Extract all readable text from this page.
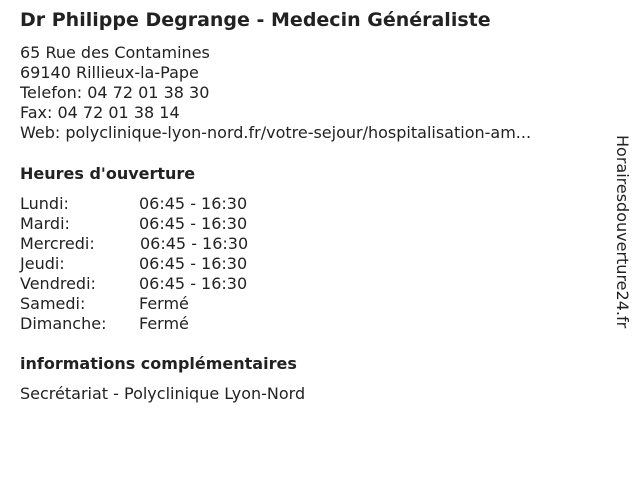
Dr Philippe Degrange - Medecin Généraliste
65 Rue des Contamines
69140 Rillieux-la-Pape
Telefon: 04 72 01 38 30
Fax: 04 72 01 38 14
Web: polyclinique-lyon-nord.fr/votre-sejour/hospitalisation-am...
Heures d'ouverture
Lundi:	06:45 - 16:30
Mardi:	06:45 - 16:30
Mercredi:	06:45 - 16:30
Jeudi:	06:45 - 16:30
Vendredi:	06:45 - 16:30
Samedi:	Fermé
Dimanche: Fermé
informations complémentaires
Secrétariat - Polyclinique Lyon-Nord
Horairesdouverture24.fr
